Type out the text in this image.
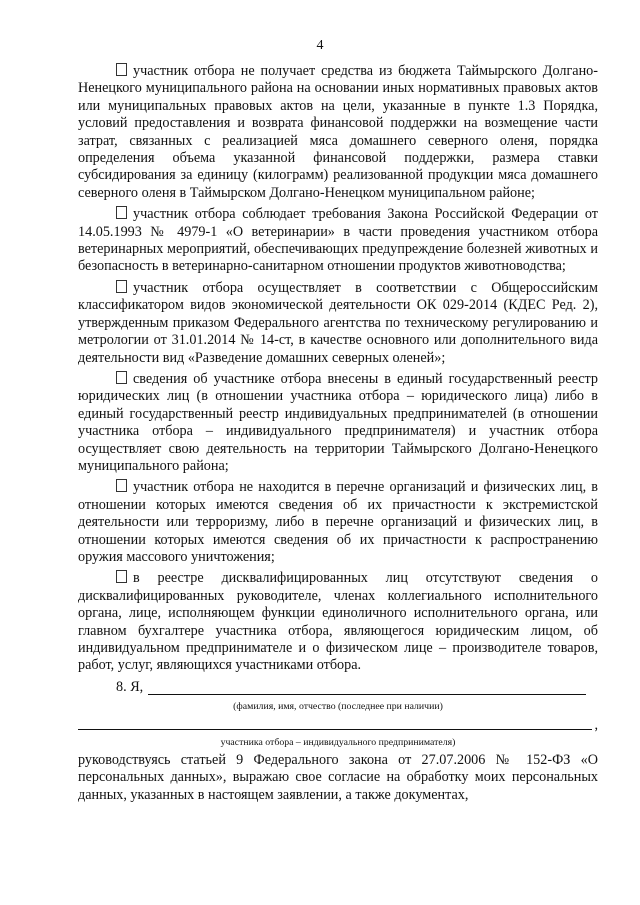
4

участник отбора не получает средства из бюджета Таймырского Долгано-Ненецкого муниципального района на основании иных нормативных правовых актов или муниципальных правовых актов на цели, указанные в пункте 1.3 Порядка, условий предоставления и возврата финансовой поддержки на возмещение части затрат, связанных с реализацией мяса домашнего северного оленя, порядка определения объема указанной финансовой поддержки, размера ставки субсидирования за единицу (килограмм) реализованной продукции мяса домашнего северного оленя в Таймырском Долгано-Ненецком муниципальном районе;

участник отбора соблюдает требования Закона Российской Федерации от 14.05.1993 № 4979-1 «О ветеринарии» в части проведения участником отбора ветеринарных мероприятий, обеспечивающих предупреждение болезней животных и безопасность в ветеринарно-санитарном отношении продуктов животноводства;

участник отбора осуществляет в соответствии с Общероссийским классификатором видов экономической деятельности ОК 029-2014 (КДЕС Ред. 2), утвержденным приказом Федерального агентства по техническому регулированию и метрологии от 31.01.2014 № 14-ст, в качестве основного или дополнительного вида деятельности вид «Разведение домашних северных оленей»;

сведения об участнике отбора внесены в единый государственный реестр юридических лиц (в отношении участника отбора – юридического лица) либо в единый государственный реестр индивидуальных предпринимателей (в отношении участника отбора – индивидуального предпринимателя) и участник отбора осуществляет свою деятельность на территории Таймырского Долгано-Ненецкого муниципального района;

участник отбора не находится в перечне организаций и физических лиц, в отношении которых имеются сведения об их причастности к экстремистской деятельности или терроризму, либо в перечне организаций и физических лиц, в отношении которых имеются сведения об их причастности к распространению оружия массового уничтожения;

в реестре дисквалифицированных лиц отсутствуют сведения о дисквалифицированных руководителе, членах коллегиального исполнительного органа, лице, исполняющем функции единоличного исполнительного органа, или главном бухгалтере участника отбора, являющегося юридическим лицом, об индивидуальном предпринимателе и о физическом лице – производителе товаров, работ, услуг, являющихся участниками отбора.

8. Я,
(фамилия, имя, отчество (последнее при наличии)
,
участника отбора – индивидуального предпринимателя)

руководствуясь статьей 9 Федерального закона от 27.07.2006 № 152-ФЗ «О персональных данных», выражаю свое согласие на обработку моих персональных данных, указанных в настоящем заявлении, а также документах,
